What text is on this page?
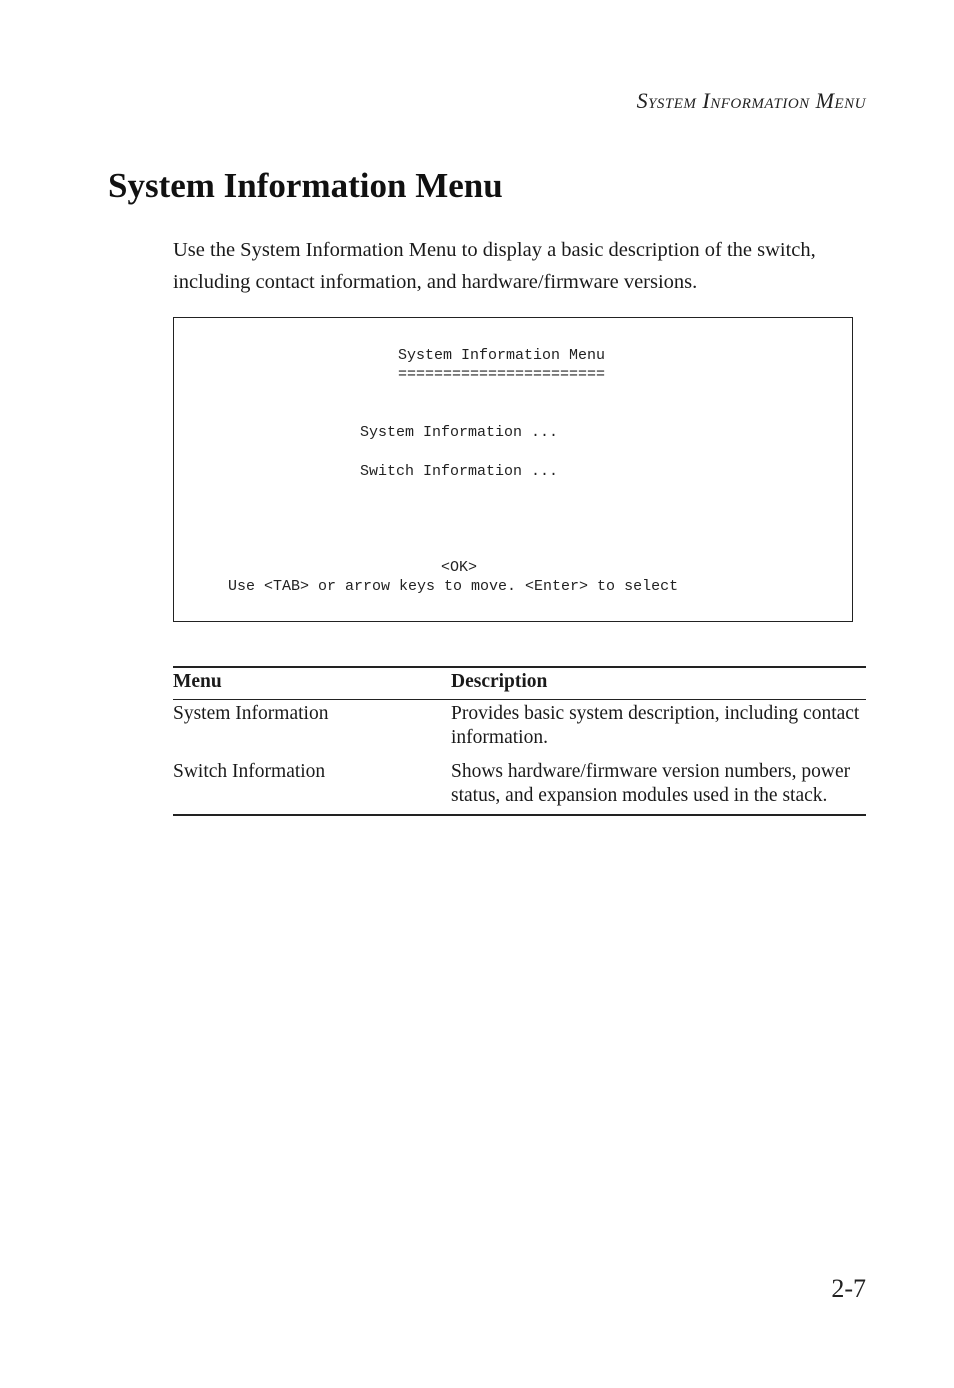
System Information Menu
System Information Menu

Use the System Information Menu to display a basic description of the switch, including contact information, and hardware/firmware versions.

System Information Menu
=======================
System Information ...
Switch Information ...
<OK>
Use <TAB> or arrow keys to move. <Enter> to select
Menu	Description
System Information	Provides basic system description, including contact information.
Switch Information	Shows hardware/firmware version numbers, power status, and expansion modules used in the stack.
2-7
